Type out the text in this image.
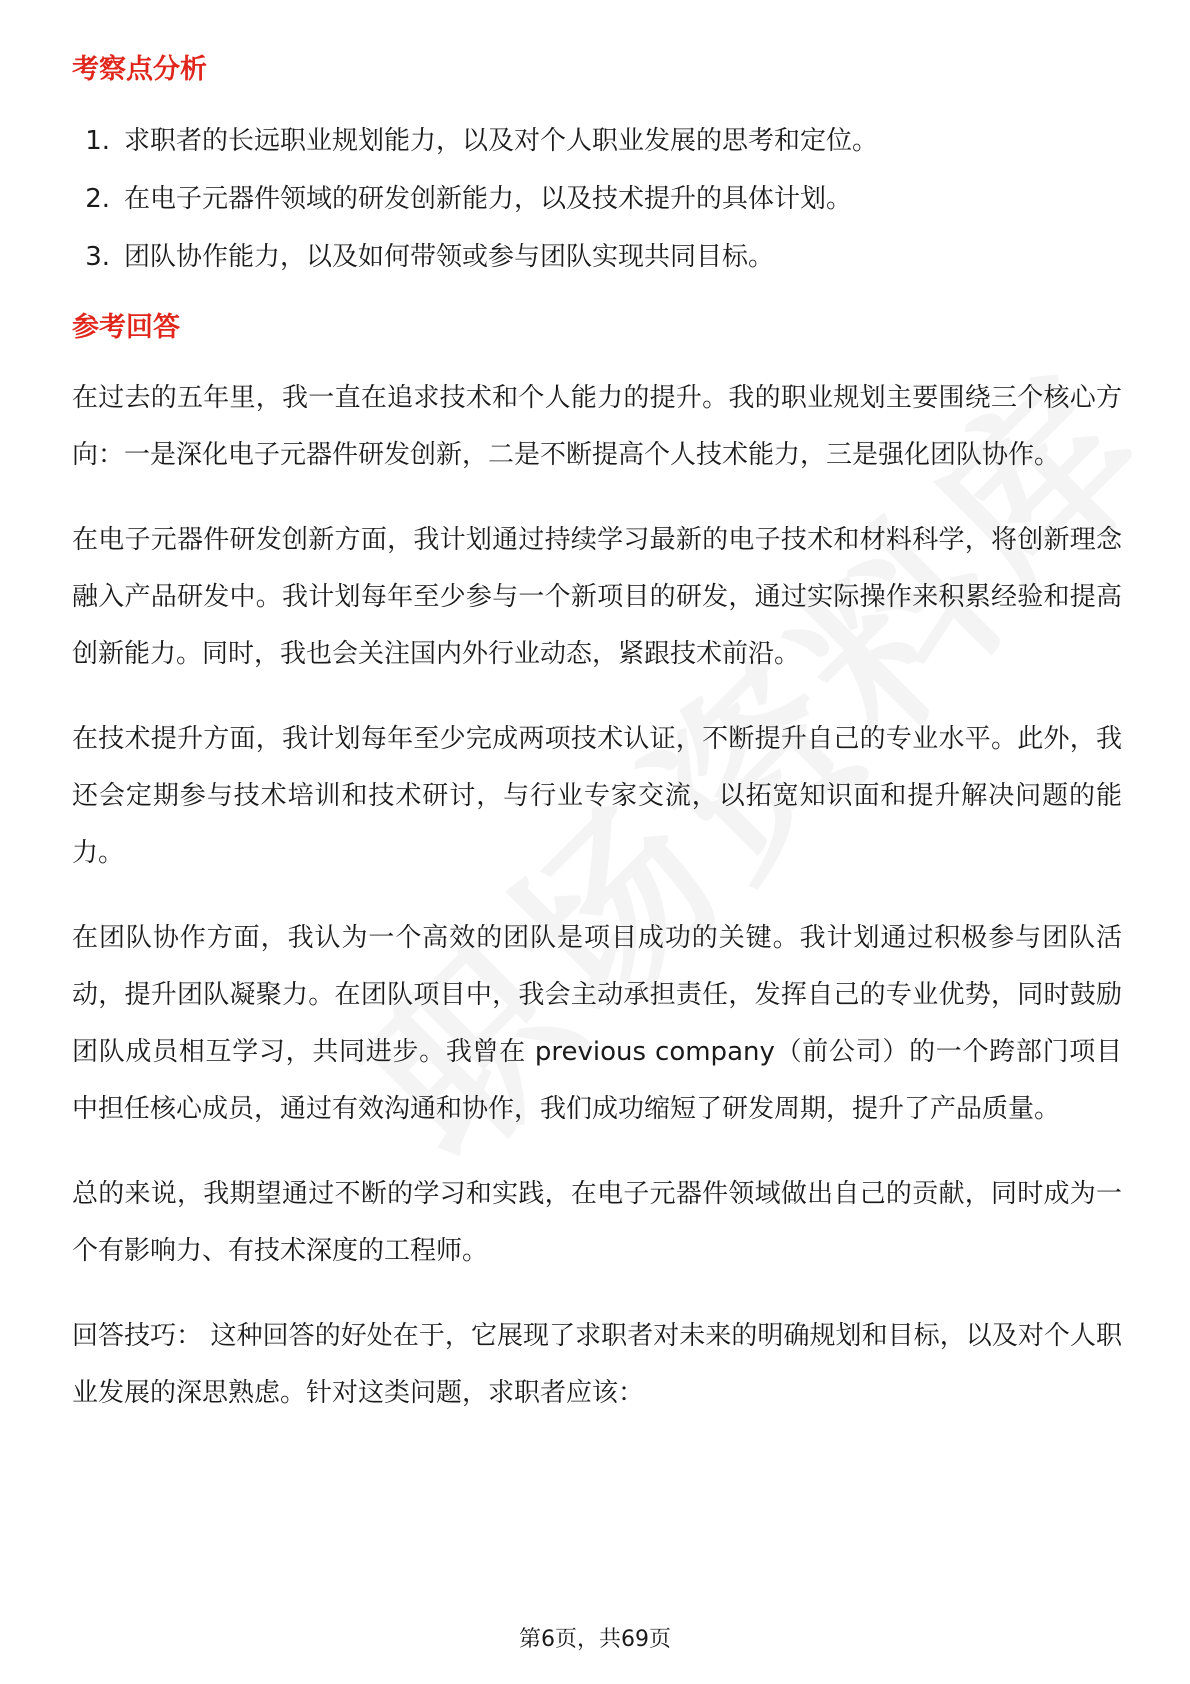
考察点分析
1. 求职者的长远职业规划能力，以及对个人职业发展的思考和定位。
2. 在电子元器件领域的研发创新能力，以及技术提升的具体计划。
3. 团队协作能力，以及如何带领或参与团队实现共同目标。
参考回答

在过去的五年里，我一直在追求技术和个人能力的提升。我的职业规划主要围绕三个核心方向：一是深化电子元器件研发创新，二是不断提高个人技术能力，三是强化团队协作。

在电子元器件研发创新方面，我计划通过持续学习最新的电子技术和材料科学，将创新理念融入产品研发中。我计划每年至少参与一个新项目的研发，通过实际操作来积累经验和提高创新能力。同时，我也会关注国内外行业动态，紧跟技术前沿。

在技术提升方面，我计划每年至少完成两项技术认证，不断提升自己的专业水平。此外，我还会定期参与技术培训和技术研讨，与行业专家交流，以拓宽知识面和提升解决问题的能力。

在团队协作方面，我认为一个高效的团队是项目成功的关键。我计划通过积极参与团队活动，提升团队凝聚力。在团队项目中，我会主动承担责任，发挥自己的专业优势，同时鼓励团队成员相互学习，共同进步。我曾在 previous company（前公司）的一个跨部门项目中担任核心成员，通过有效沟通和协作，我们成功缩短了研发周期，提升了产品质量。

总的来说，我期望通过不断的学习和实践，在电子元器件领域做出自己的贡献，同时成为一个有影响力、有技术深度的工程师。

回答技巧： 这种回答的好处在于，它展现了求职者对未来的明确规划和目标，以及对个人职业发展的深思熟虑。针对这类问题，求职者应该：

第6页，共69页
